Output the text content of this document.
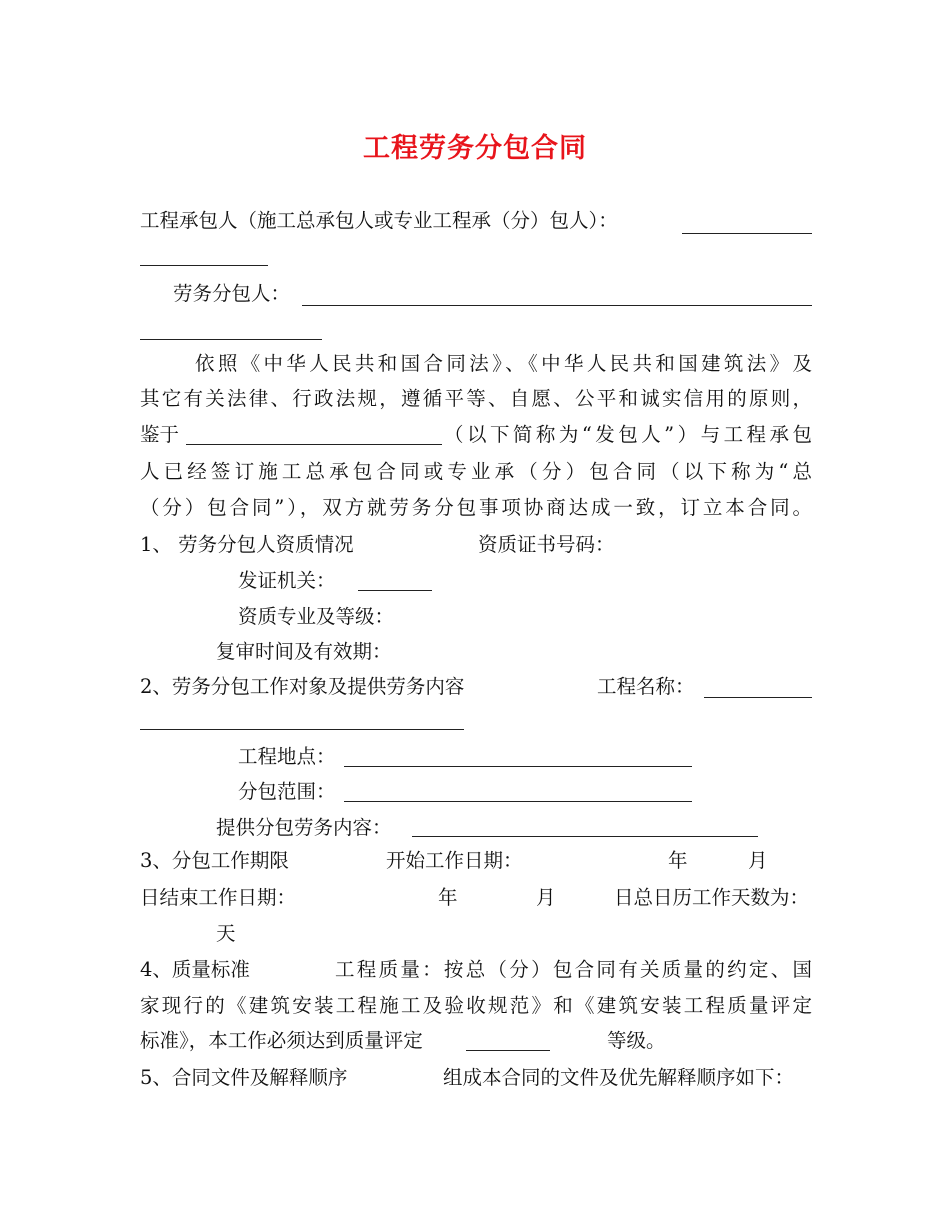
工程劳务分包合同
工程承包人（施工总承包人或专业工程承（分）包人）：
劳务分包人：
依照《中华人民共和国合同法》、《中华人民共和国建筑法》及
其它有关法律、行政法规，遵循平等、自愿、公平和诚实信用的原则，
鉴于	（以下简称为“发包人”）与工程承包
人已经签订施工总承包合同或专业承（分）包合同（以下称为“总
（分）包合同”），双方就劳务分包事项协商达成一致，订立本合同。
1、 劳务分包人资质情况	资质证书号码：
发证机关：
资质专业及等级：
复审时间及有效期：
2、劳务分包工作对象及提供劳务内容	工程名称：
工程地点：
分包范围：
提供分包劳务内容：
3、分包工作期限	开始工作日期：	年	月
日结束工作日期：	年	月	日总日历工作天数为：
天
4、质量标准	工程质量：按总（分）包合同有关质量的约定、国
家现行的《建筑安装工程施工及验收规范》和《建筑安装工程质量评定
标准》，本工作必须达到质量评定	等级。
5、合同文件及解释顺序	组成本合同的文件及优先解释顺序如下：
